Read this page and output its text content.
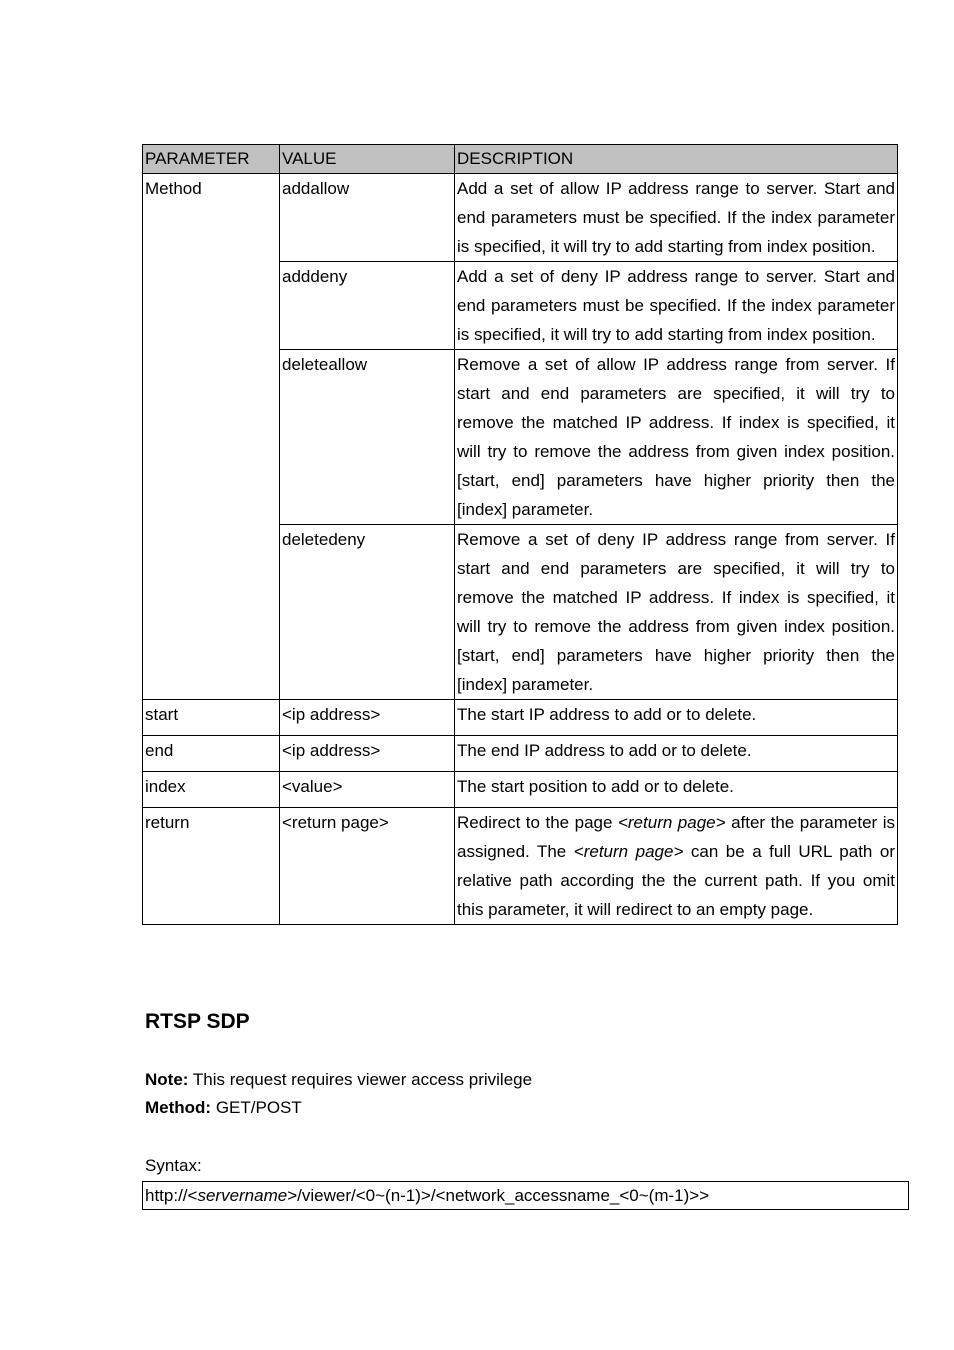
PARAMETER	VALUE	DESCRIPTION
Method	addallow	Add a set of allow IP address range to server. Start and end parameters must be specified. If the index parameter is specified, it will try to add starting from index position.
	adddeny	Add a set of deny IP address range to server. Start and end parameters must be specified. If the index parameter is specified, it will try to add starting from index position.
	deleteallow	Remove a set of allow IP address range from server. If start and end parameters are specified, it will try to remove the matched IP address. If index is specified, it will try to remove the address from given index position. [start, end] parameters have higher priority then the [index] parameter.
	deletedeny	Remove a set of deny IP address range from server. If start and end parameters are specified, it will try to remove the matched IP address. If index is specified, it will try to remove the address from given index position. [start, end] parameters have higher priority then the [index] parameter.
start	<ip address>	The start IP address to add or to delete.
end	<ip address>	The end IP address to add or to delete.
index	<value>	The start position to add or to delete.
return	<return page>	Redirect to the page <return page> after the parameter is assigned. The <return page> can be a full URL path or relative path according the the current path. If you omit this parameter, it will redirect to an empty page.
RTSP SDP

Note: This request requires viewer access privilege

Method: GET/POST

Syntax:

http://<servername>/viewer/<0~(n-1)>/<network_accessname_<0~(m-1)>>
